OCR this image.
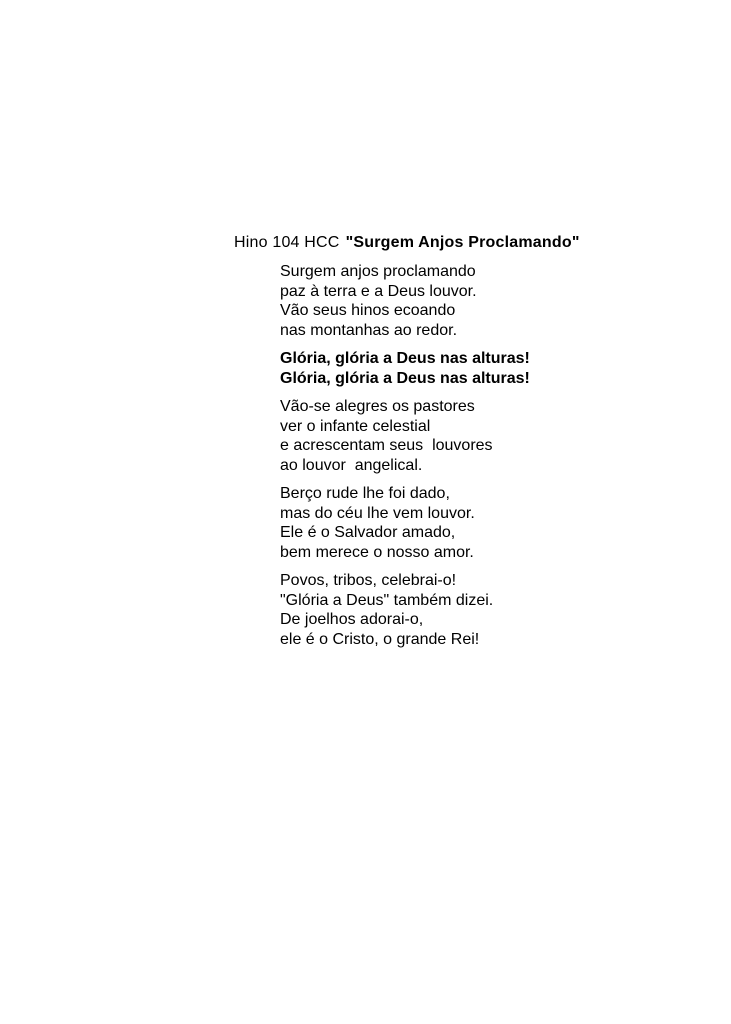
Hino 104 HCC "Surgem Anjos Proclamando"
Surgem anjos proclamando
paz à terra e a Deus louvor.
Vão seus hinos ecoando
nas montanhas ao redor.
Glória, glória a Deus nas alturas!
Glória, glória a Deus nas alturas!
Vão-se alegres os pastores
ver o infante celestial
e acrescentam seus  louvores
ao louvor  angelical.
Berço rude lhe foi dado,
mas do céu lhe vem louvor.
Ele é o Salvador amado,
bem merece o nosso amor.
Povos, tribos, celebrai-o!
"Glória a Deus" também dizei.
De joelhos adorai-o,
ele é o Cristo, o grande Rei!
